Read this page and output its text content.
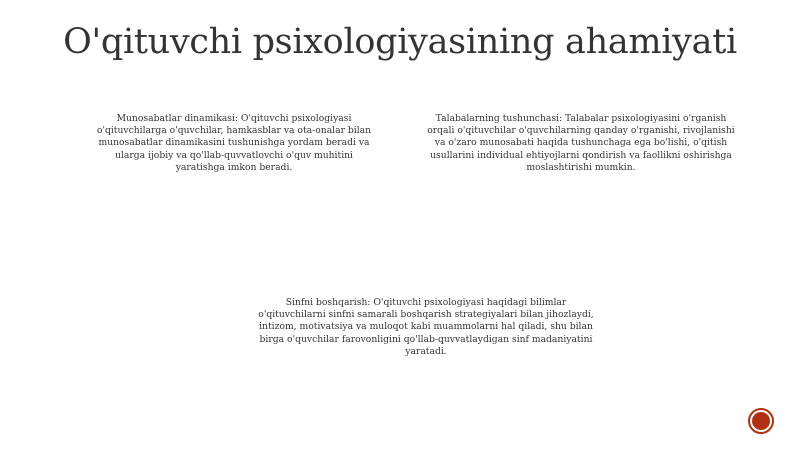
O'qituvchi psixologiyasining ahamiyati

Munosabatlar dinamikasi: O'qituvchi psixologiyasi o'qituvchilarga o'quvchilar, hamkasblar va ota-onalar bilan munosabatlar dinamikasini tushunishga yordam beradi va ularga ijobiy va qo'llab-quvvatlovchi o'quv muhitini yaratishga imkon beradi.

Talabalarning tushunchasi: Talabalar psixologiyasini o'rganish orqali o'qituvchilar o'quvchilarning qanday o'rganishi, rivojlanishi va o'zaro munosabati haqida tushunchaga ega bo'lishi, o'qitish usullarini individual ehtiyojlarni qondirish va faollikni oshirishga moslashtirishi mumkin.

Sinfni boshqarish: O'qituvchi psixologiyasi haqidagi bilimlar o'qituvchilarni sinfni samarali boshqarish strategiyalari bilan jihozlaydi, intizom, motivatsiya va muloqot kabi muammolarni hal qiladi, shu bilan birga o'quvchilar farovonligini qo'llab-quvvatlaydigan sinf madaniyatini yaratadi.
